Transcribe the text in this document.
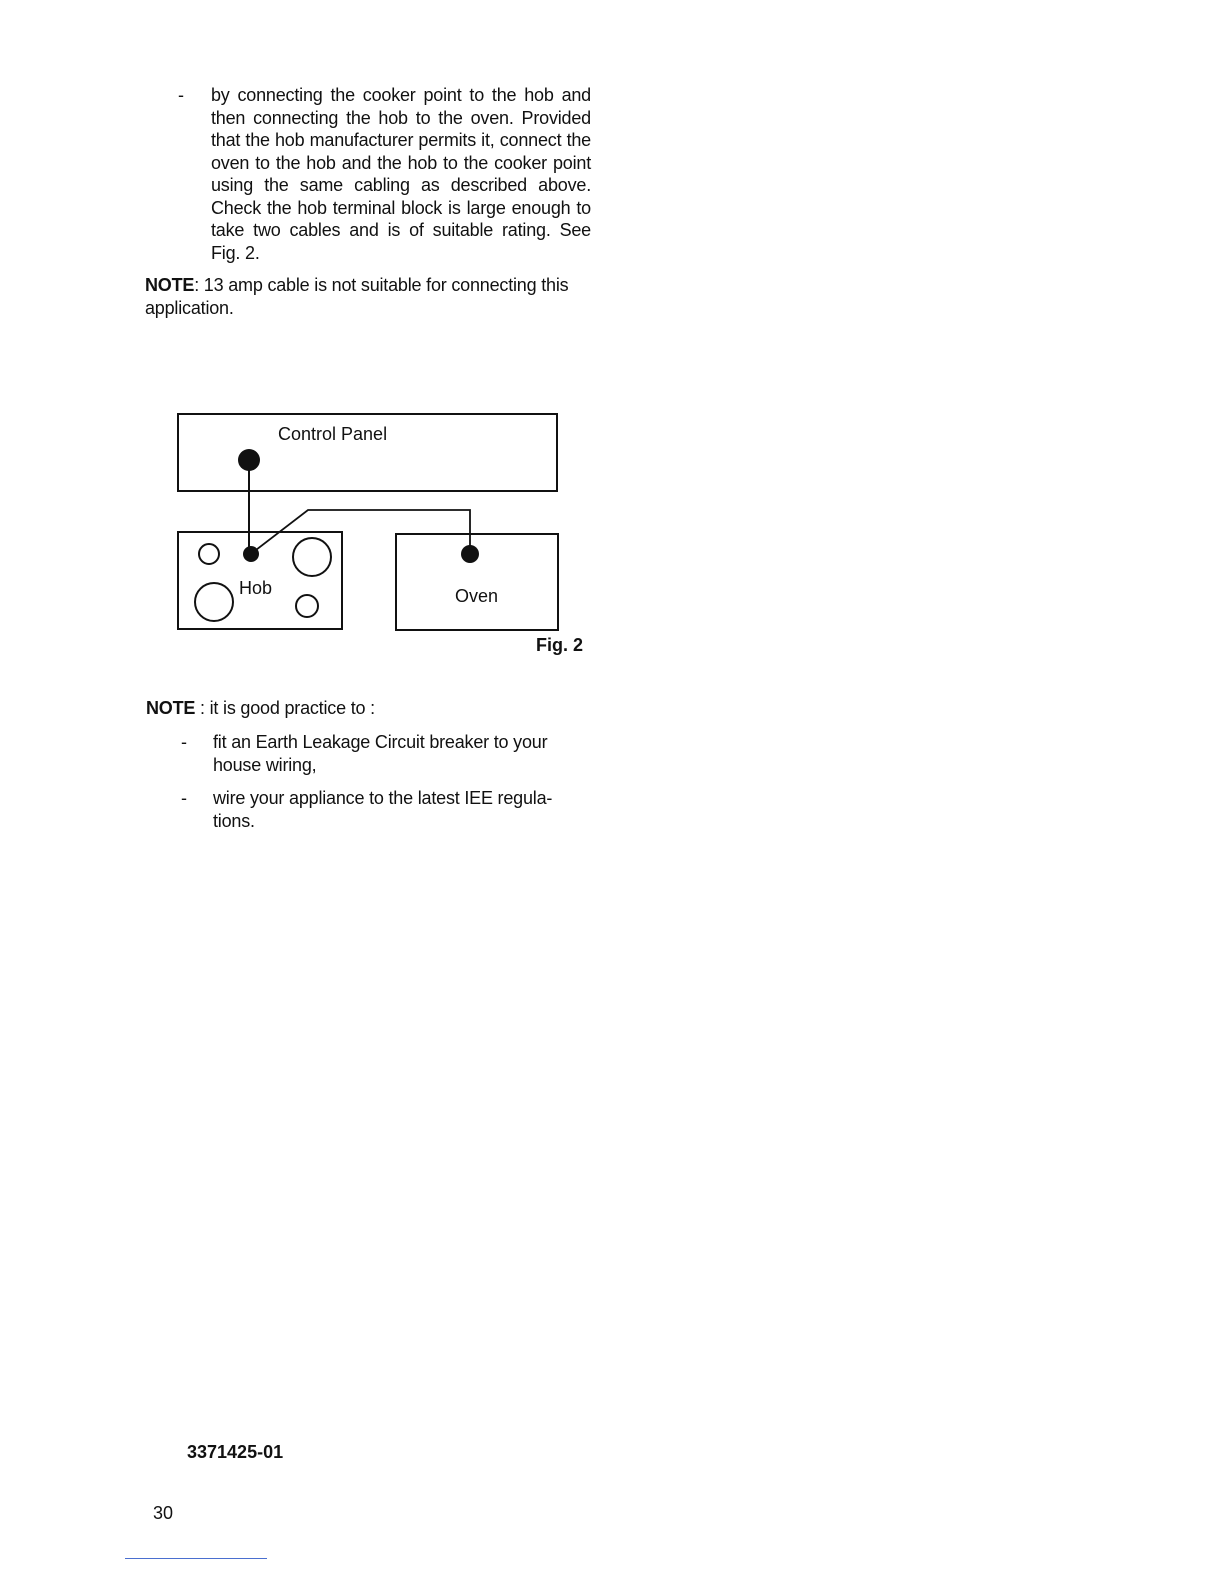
- by connecting the cooker point to the hob and then connecting the hob to the oven. Provided that the hob manufacturer permits it, connect the oven to the hob and the hob to the cooker point using the same cabling as described above. Check the hob terminal block is large enough to take two cables and is of suitable rating. See Fig. 2.
NOTE: 13 amp cable is not suitable for connecting this application.
Control Panel
Hob	Oven
Fig. 2
NOTE : it is good practice to :
- fit an Earth Leakage Circuit breaker to your house wiring,
- wire your appliance to the latest IEE regula-tions.
3371425-01
30
